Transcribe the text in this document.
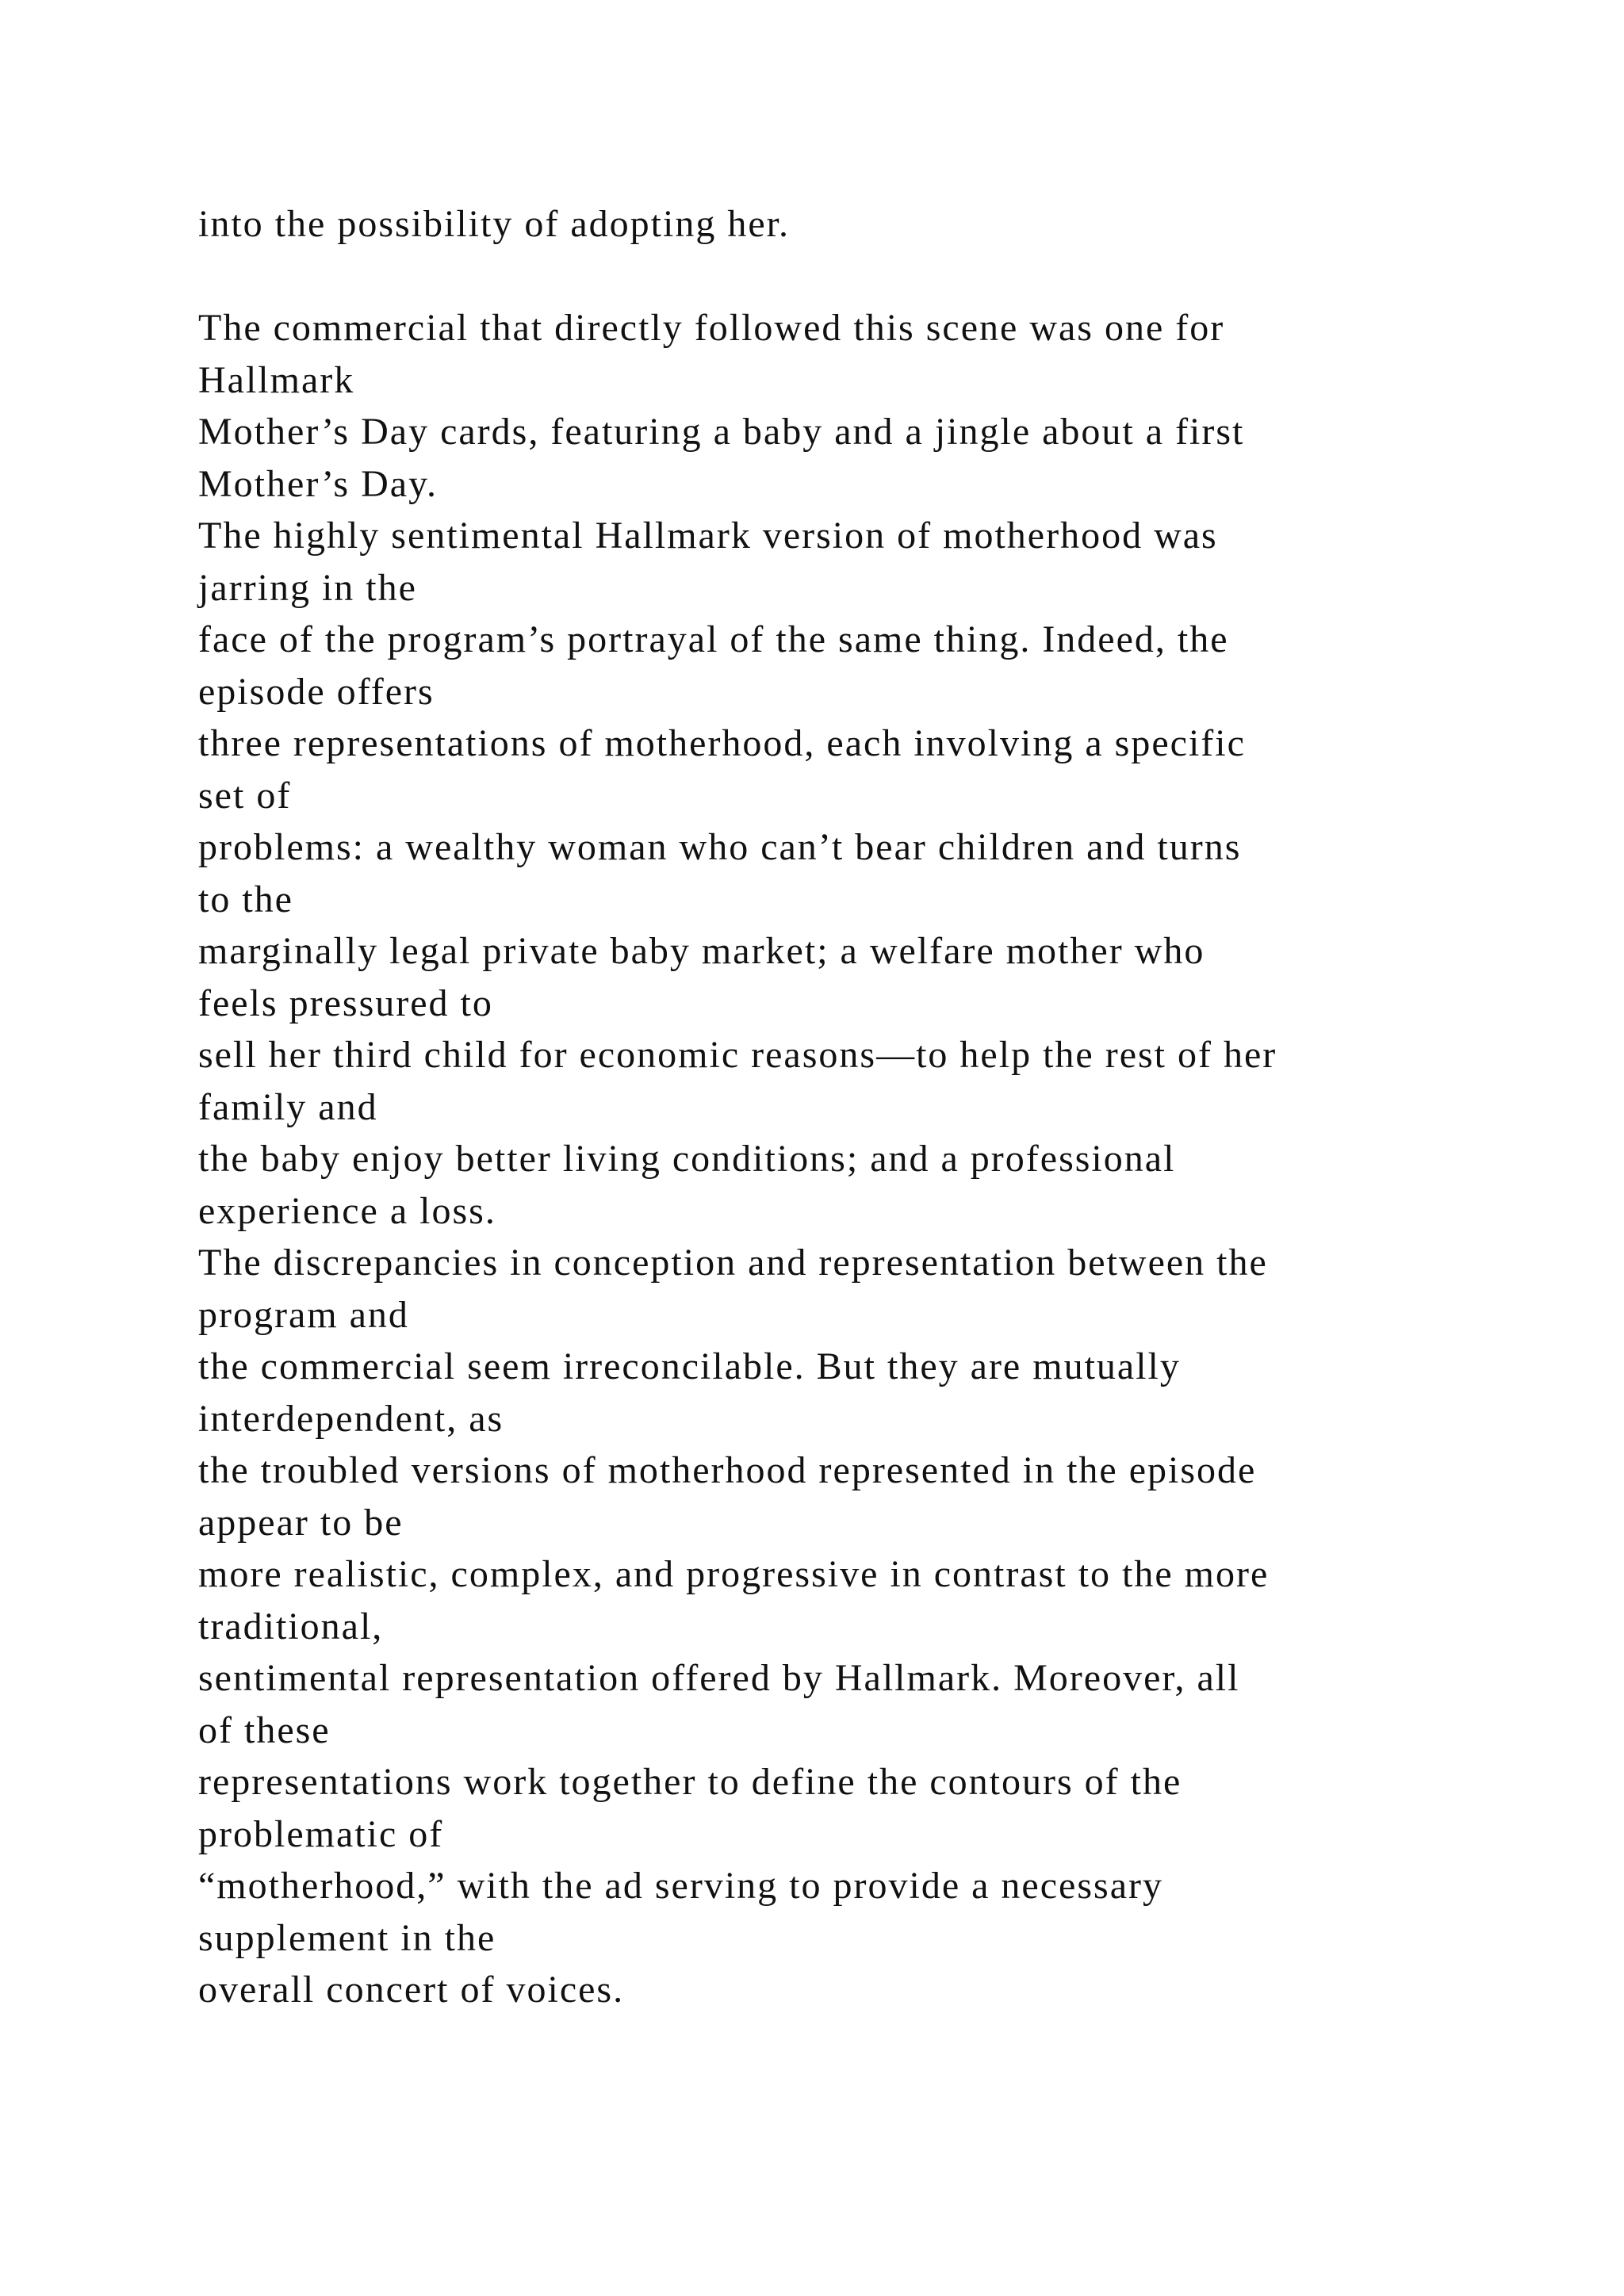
into the possibility of adopting her.
The commercial that directly followed this scene was one for
Hallmark
Mother’s Day cards, featuring a baby and a jingle about a first
Mother’s Day.
The highly sentimental Hallmark version of motherhood was
jarring in the
face of the program’s portrayal of the same thing. Indeed, the
episode offers
three representations of motherhood, each involving a specific
set of
problems: a wealthy woman who can’t bear children and turns
to the
marginally legal private baby market; a welfare mother who
feels pressured to
sell her third child for economic reasons—to help the rest of her
family and
the baby enjoy better living conditions; and a professional
experience a loss.
The discrepancies in conception and representation between the
program and
the commercial seem irreconcilable. But they are mutually
interdependent, as
the troubled versions of motherhood represented in the episode
appear to be
more realistic, complex, and progressive in contrast to the more
traditional,
sentimental representation offered by Hallmark. Moreover, all
of these
representations work together to define the contours of the
problematic of
“motherhood,” with the ad serving to provide a necessary
supplement in the
overall concert of voices.
